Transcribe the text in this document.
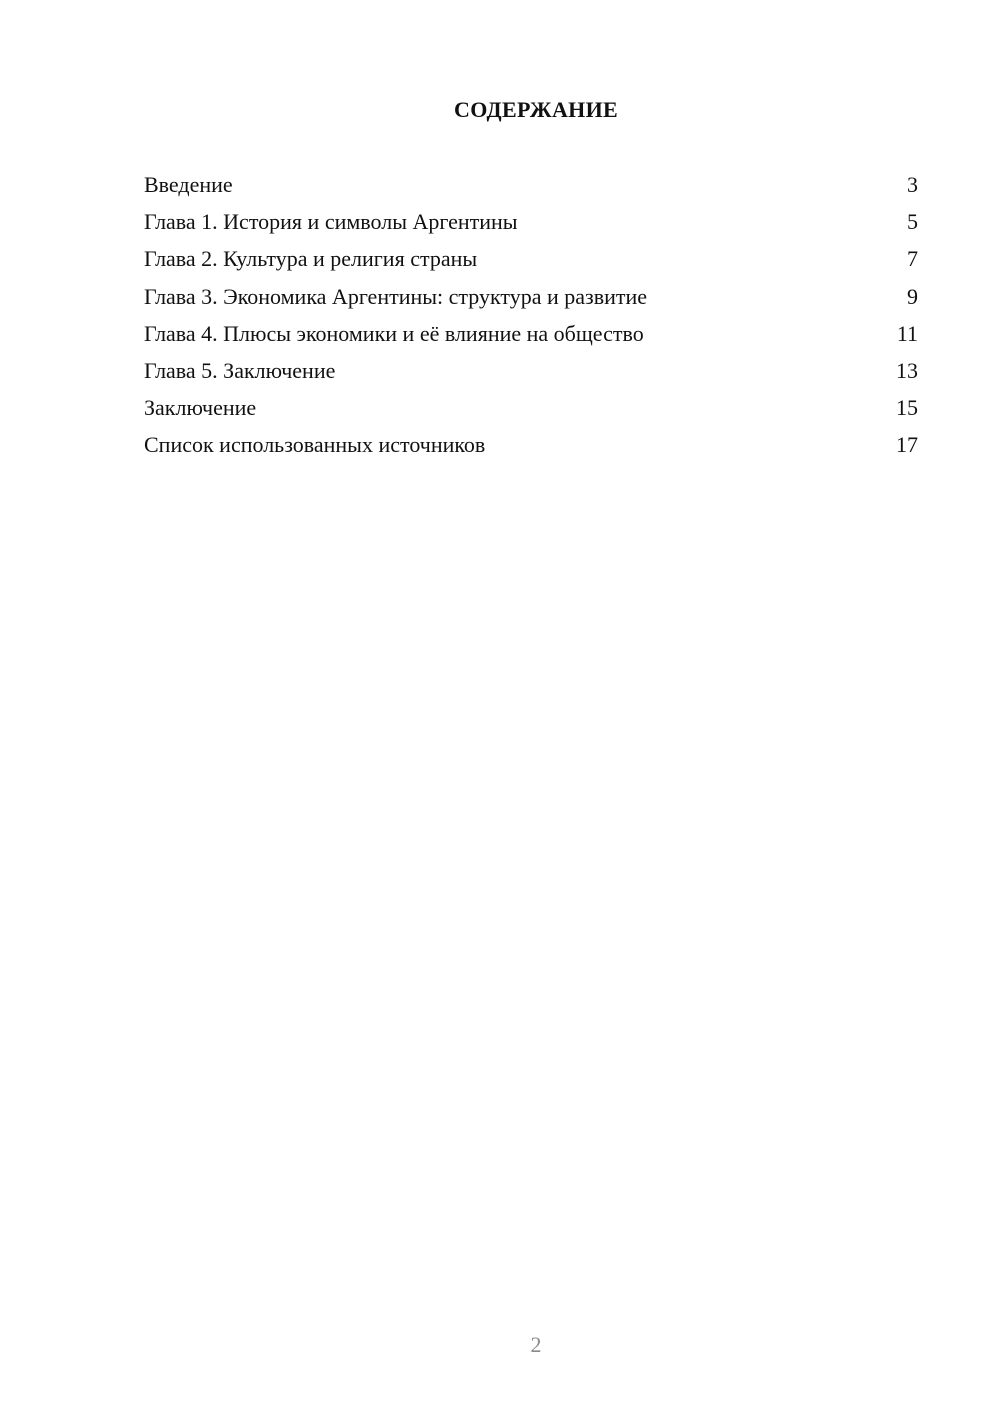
СОДЕРЖАНИЕ
Введение	3
Глава 1. История и символы Аргентины	5
Глава 2. Культура и религия страны	7
Глава 3. Экономика Аргентины: структура и развитие	9
Глава 4. Плюсы экономики и её влияние на общество	11
Глава 5. Заключение	13
Заключение	15
Список использованных источников	17
2
